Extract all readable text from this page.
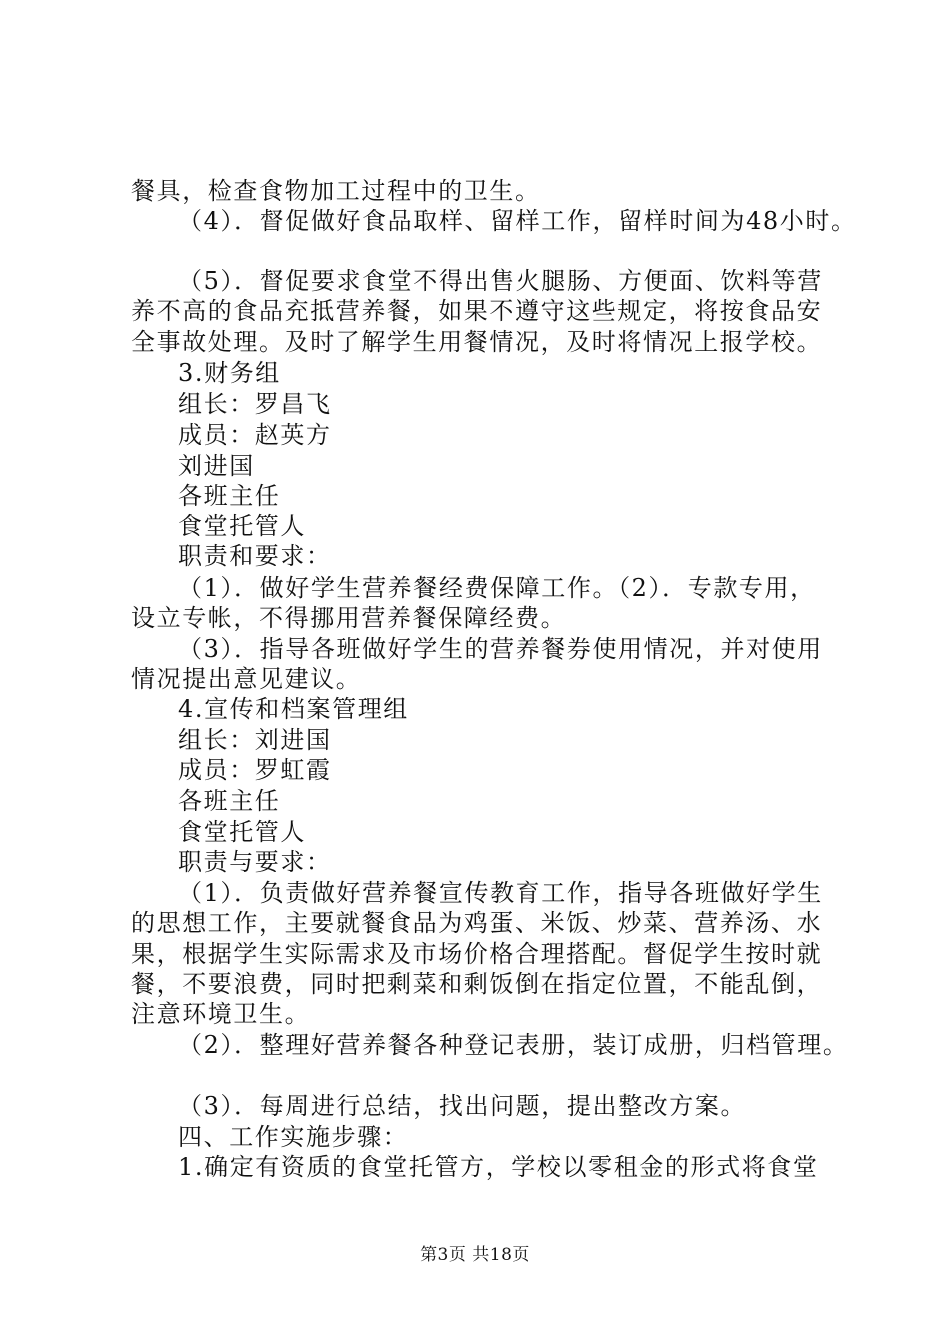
餐具，检查食物加工过程中的卫生。
（4）．督促做好食品取样、留样工作，留样时间为48小时。
（5）．督促要求食堂不得出售火腿肠、方便面、饮料等营
养不高的食品充抵营养餐，如果不遵守这些规定，将按食品安
全事故处理。及时了解学生用餐情况，及时将情况上报学校。
3.财务组
组长：罗昌飞
成员：赵英方
刘进国
各班主任
食堂托管人
职责和要求：
（1）．做好学生营养餐经费保障工作。（2）．专款专用，
设立专帐，不得挪用营养餐保障经费。
（3）．指导各班做好学生的营养餐券使用情况，并对使用
情况提出意见建议。
4.宣传和档案管理组
组长：刘进国
成员：罗虹霞
各班主任
食堂托管人
职责与要求：
（1）．负责做好营养餐宣传教育工作，指导各班做好学生
的思想工作，主要就餐食品为鸡蛋、米饭、炒菜、营养汤、水
果，根据学生实际需求及市场价格合理搭配。督促学生按时就
餐，不要浪费，同时把剩菜和剩饭倒在指定位置，不能乱倒，
注意环境卫生。
（2）．整理好营养餐各种登记表册，装订成册，归档管理。
（3）．每周进行总结，找出问题，提出整改方案。
四、工作实施步骤：
1.确定有资质的食堂托管方，学校以零租金的形式将食堂
第3页 共18页
